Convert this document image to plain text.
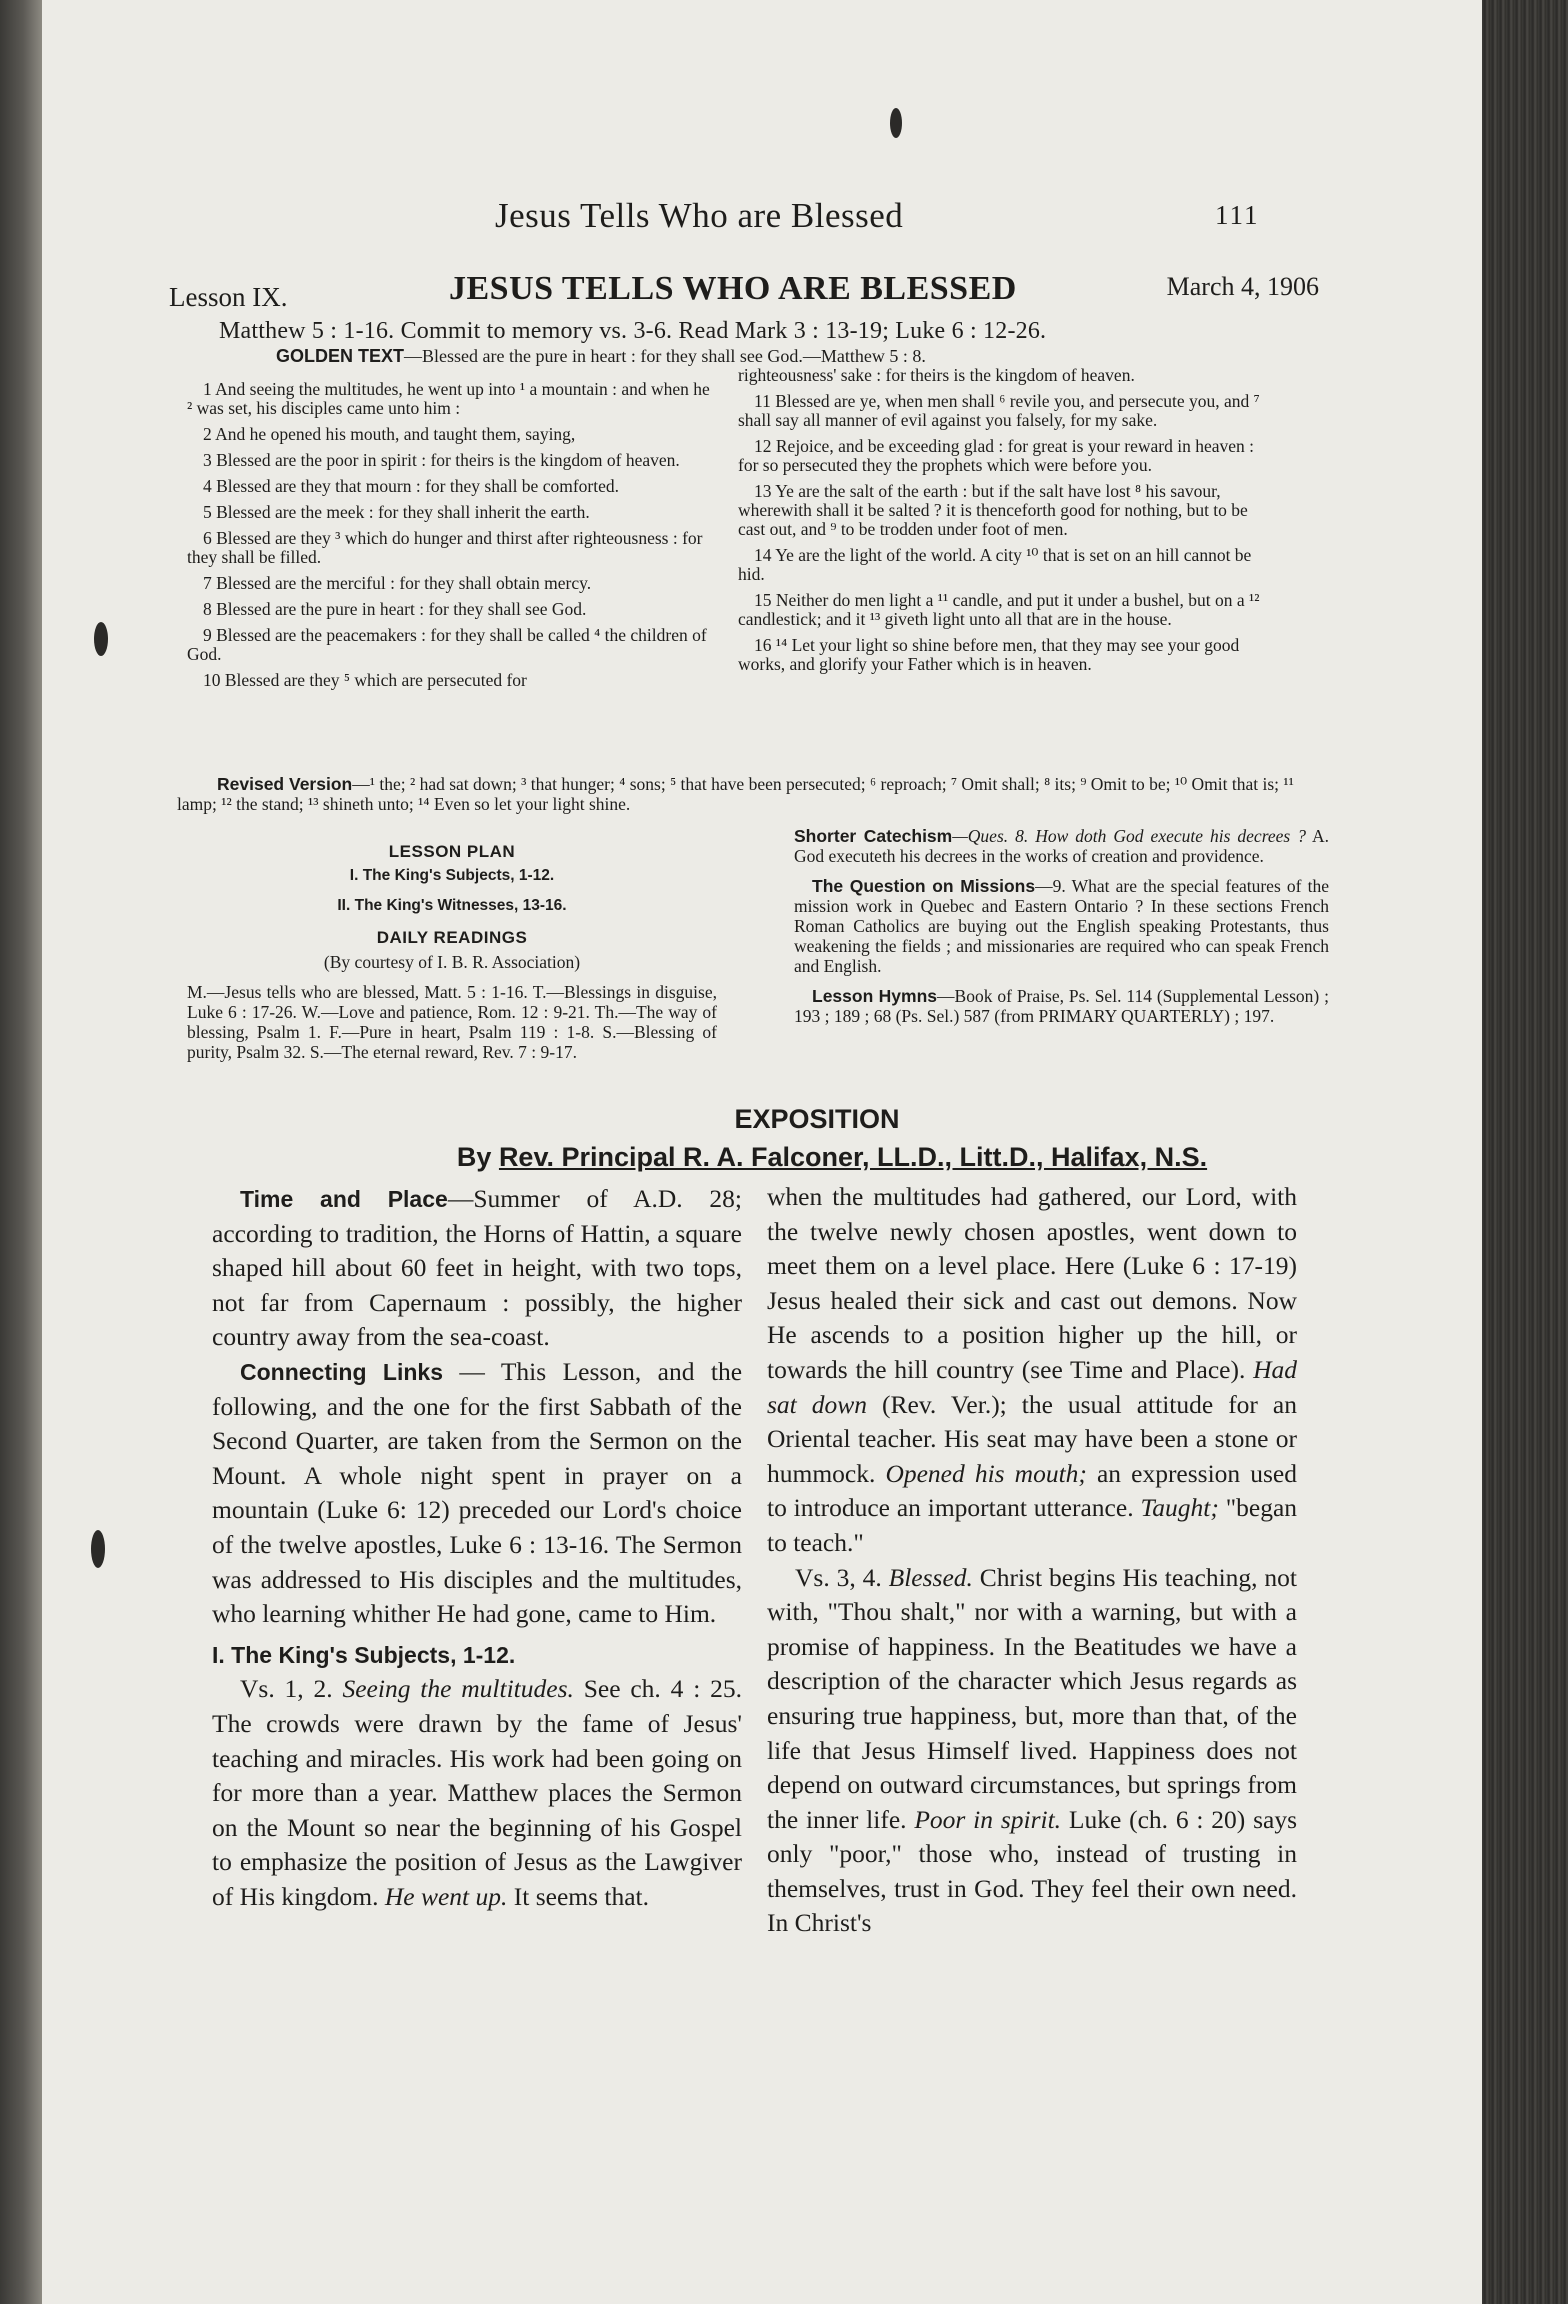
Jesus Tells Who are Blessed	111
Lesson IX.	JESUS TELLS WHO ARE BLESSED	March 4, 1906
Matthew 5 : 1-16. Commit to memory vs. 3-6. Read Mark 3 : 13-19; Luke 6 : 12-26.
GOLDEN TEXT—Blessed are the pure in heart : for they shall see God.—Matthew 5 : 8.

1 And seeing the multitudes, he went up into ¹ a mountain : and when he ² was set, his disciples came unto him :

2 And he opened his mouth, and taught them, saying,

3 Blessed are the poor in spirit : for theirs is the kingdom of heaven.

4 Blessed are they that mourn : for they shall be comforted.

5 Blessed are the meek : for they shall inherit the earth.

6 Blessed are they ³ which do hunger and thirst after righteousness : for they shall be filled.

7 Blessed are the merciful : for they shall obtain mercy.

8 Blessed are the pure in heart : for they shall see God.

9 Blessed are the peacemakers : for they shall be called ⁴ the children of God.

10 Blessed are they ⁵ which are persecuted for

righteousness' sake : for theirs is the kingdom of heaven.

11 Blessed are ye, when men shall ⁶ revile you, and persecute you, and ⁷ shall say all manner of evil against you falsely, for my sake.

12 Rejoice, and be exceeding glad : for great is your reward in heaven : for so persecuted they the prophets which were before you.

13 Ye are the salt of the earth : but if the salt have lost ⁸ his savour, wherewith shall it be salted ? it is thenceforth good for nothing, but to be cast out, and ⁹ to be trodden under foot of men.

14 Ye are the light of the world. A city ¹⁰ that is set on an hill cannot be hid.

15 Neither do men light a ¹¹ candle, and put it under a bushel, but on a ¹² candlestick; and it ¹³ giveth light unto all that are in the house.

16 ¹⁴ Let your light so shine before men, that they may see your good works, and glorify your Father which is in heaven.

Revised Version—¹ the; ² had sat down; ³ that hunger; ⁴ sons; ⁵ that have been persecuted; ⁶ reproach; ⁷ Omit shall; ⁸ its; ⁹ Omit to be; ¹⁰ Omit that is; ¹¹ lamp; ¹² the stand; ¹³ shineth unto; ¹⁴ Even so let your light shine.
LESSON PLAN

I. The King's Subjects, 1-12.

II. The King's Witnesses, 13-16.

DAILY READINGS

(By courtesy of I. B. R. Association)

M.—Jesus tells who are blessed, Matt. 5 : 1-16. T.—Blessings in disguise, Luke 6 : 17-26. W.—Love and patience, Rom. 12 : 9-21. Th.—The way of blessing, Psalm 1. F.—Pure in heart, Psalm 119 : 1-8. S.—Blessing of purity, Psalm 32. S.—The eternal reward, Rev. 7 : 9-17.

Shorter Catechism—Ques. 8. How doth God execute his decrees ? A. God executeth his decrees in the works of creation and providence.

The Question on Missions—9. What are the special features of the mission work in Quebec and Eastern Ontario ? In these sections French Roman Catholics are buying out the English speaking Protestants, thus weakening the fields ; and missionaries are required who can speak French and English.

Lesson Hymns—Book of Praise, Ps. Sel. 114 (Supplemental Lesson) ; 193 ; 189 ; 68 (Ps. Sel.) 587 (from PRIMARY QUARTERLY) ; 197.

EXPOSITION
By Rev. Principal R. A. Falconer, LL.D., Litt.D., Halifax, N.S.

Time and Place—Summer of A.D. 28; according to tradition, the Horns of Hattin, a square shaped hill about 60 feet in height, with two tops, not far from Capernaum : possibly, the higher country away from the sea-coast.

Connecting Links — This Lesson, and the following, and the one for the first Sabbath of the Second Quarter, are taken from the Sermon on the Mount. A whole night spent in prayer on a mountain (Luke 6: 12) preceded our Lord's choice of the twelve apostles, Luke 6 : 13-16. The Sermon was addressed to His disciples and the multitudes, who learning whither He had gone, came to Him.

I. The King's Subjects, 1-12.

Vs. 1, 2. Seeing the multitudes. See ch. 4 : 25. The crowds were drawn by the fame of Jesus' teaching and miracles. His work had been going on for more than a year. Matthew places the Sermon on the Mount so near the beginning of his Gospel to emphasize the position of Jesus as the Lawgiver of His kingdom. He went up. It seems that.

when the multitudes had gathered, our Lord, with the twelve newly chosen apostles, went down to meet them on a level place. Here (Luke 6 : 17-19) Jesus healed their sick and cast out demons. Now He ascends to a position higher up the hill, or towards the hill country (see Time and Place). Had sat down (Rev. Ver.); the usual attitude for an Oriental teacher. His seat may have been a stone or hummock. Opened his mouth; an expression used to introduce an important utterance. Taught; "began to teach."

Vs. 3, 4. Blessed. Christ begins His teaching, not with, "Thou shalt," nor with a warning, but with a promise of happiness. In the Beatitudes we have a description of the character which Jesus regards as ensuring true happiness, but, more than that, of the life that Jesus Himself lived. Happiness does not depend on outward circumstances, but springs from the inner life. Poor in spirit. Luke (ch. 6 : 20) says only "poor," those who, instead of trusting in themselves, trust in God. They feel their own need. In Christ's
